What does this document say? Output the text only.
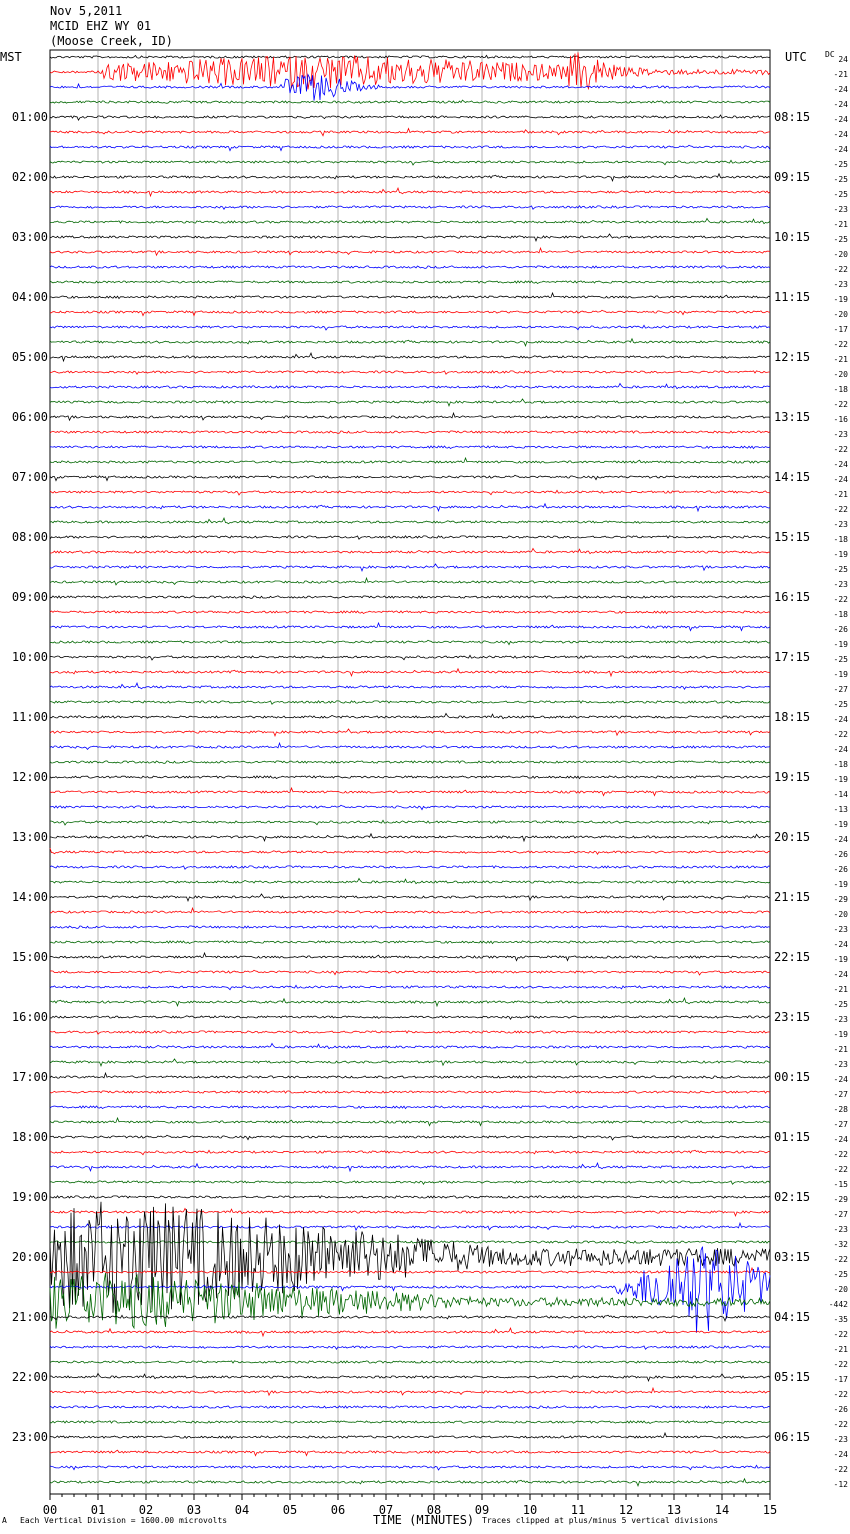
Nov 5,2011
MCID EHZ WY 01
(Moose Creek, ID)
MST	UTC DC
01:00
02:00
03:00
04:00
05:00
06:00
07:00
08:00
09:00
10:00
11:00
12:00
13:00
14:00
15:00
16:00
17:00
18:00
19:00
20:00
21:00
22:00
23:00
08:15
09:15
10:15
11:15
12:15
13:15
14:15
15:15
16:15
17:15
18:15
19:15
20:15
21:15
22:15
23:15
00:15
01:15
02:15
03:15
04:15
05:15
06:15
24
-21
-24
-24
-24
-24
-24
-25
-25
-25
-23
-21
-25
-20
-22
-23
-19
-20
-17
-22
-21
-20
-18
-22
-16
-23
-22
-24
-24
-21
-22
-23
-18
-19
-25
-23
-22
-18
-26
-19
-25
-19
-27
-25
-24
-22
-24
-18
-19
-14
-13
-19
-24
-26
-26
-19
-29
-20
-23
-24
-19
-24
-21
-25
-23
-19
-21
-23
-24
-27
-28
-27
-24
-22
-22
-15
-29
-27
-23
-32
-22
-25
-20
-442
-35
-22
-21
-22
-17
-22
-26
-22
-23
-24
-22
-12
00	01	02	03	04	05	06	07	08	09	10	11	12	13	14	15
TIME (MINUTES)
A Each Vertical Division = 1600.00 microvolts	Traces clipped at plus/minus 5 vertical divisions
